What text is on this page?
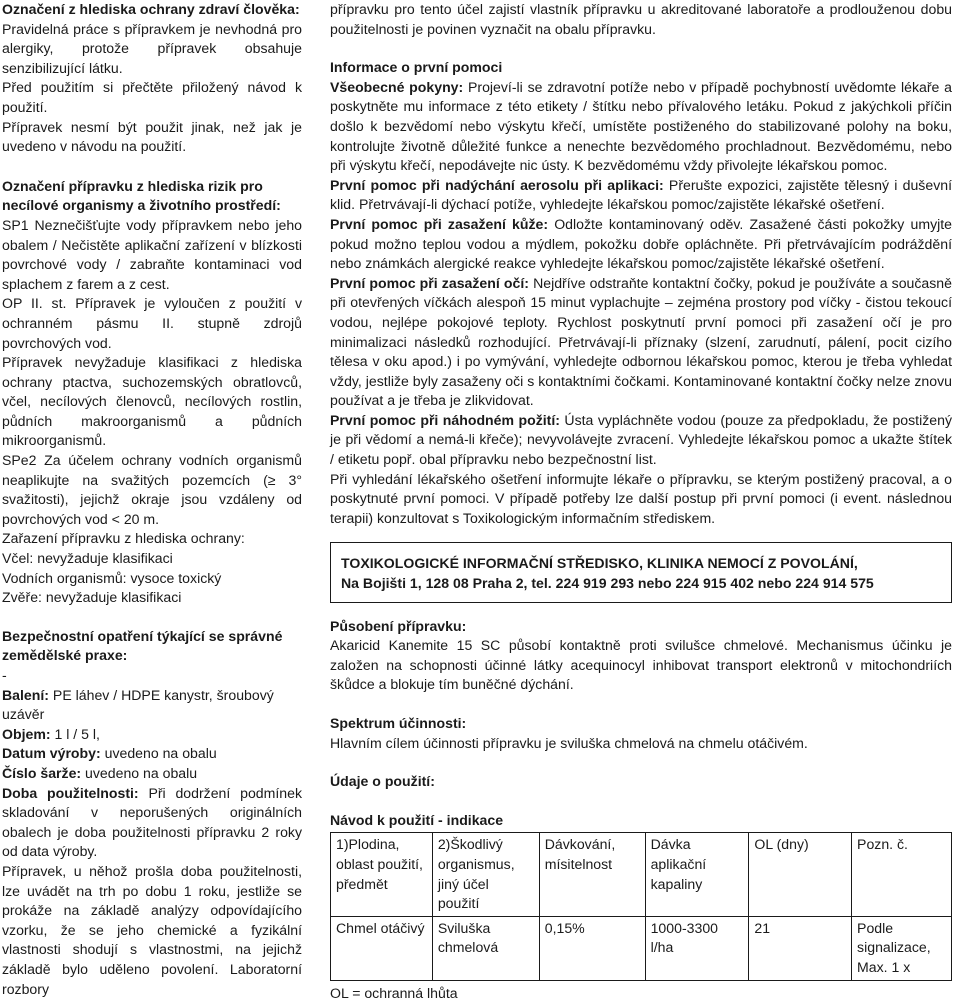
Označení z hlediska ochrany zdraví člověka:

Pravidelná práce s přípravkem je nevhodná pro alergiky, protože přípravek obsahuje senzibilizující látku.

Před použitím si přečtěte přiložený návod k použití.

Přípravek nesmí být použit jinak, než jak je uvedeno v návodu na použití.

Označení přípravku z hlediska rizik pro necílové organismy a životního prostředí:

SP1 Neznečišťujte vody přípravkem nebo jeho obalem / Nečistěte aplikační zařízení v blízkosti povrchové vody / zabraňte kontaminaci vod splachem z farem a z cest.

OP II. st. Přípravek je vyloučen z použití v ochranném pásmu II. stupně zdrojů povrchových vod.

Přípravek nevyžaduje klasifikaci z hlediska ochrany ptactva, suchozemských obratlovců, včel, necílových členovců, necílových rostlin, půdních makroorganismů a půdních mikroorganismů.

SPe2 Za účelem ochrany vodních organismů neaplikujte na svažitých pozemcích (≥ 3° svažitosti), jejichž okraje jsou vzdáleny od povrchových vod < 20 m.

Zařazení přípravku z hlediska ochrany:

Včel: nevyžaduje klasifikaci

Vodních organismů: vysoce toxický

Zvěře: nevyžaduje klasifikaci

Bezpečnostní opatření týkající se správné zemědělské praxe:

-

Balení: PE láhev / HDPE kanystr, šroubový uzávěr

Objem: 1 l / 5 l,

Datum výroby: uvedeno na obalu

Číslo šarže: uvedeno na obalu

Doba použitelnosti: Při dodržení podmínek skladování v neporušených originálních obalech je doba použitelnosti přípravku 2 roky od data výroby.

Přípravek, u něhož prošla doba použitelnosti, lze uvádět na trh po dobu 1 roku, jestliže se prokáže na základě analýzy odpovídajícího vzorku, že se jeho chemické a fyzikální vlastnosti shodují s vlastnostmi, na jejichž základě bylo uděleno povolení. Laboratorní rozbory

přípravku pro tento účel zajistí vlastník přípravku u akreditované laboratoře a prodlouženou dobu použitelnosti je povinen vyznačit na obalu přípravku.

Informace o první pomoci

Všeobecné pokyny: Projeví-li se zdravotní potíže nebo v případě pochybností uvědomte lékaře a poskytněte mu informace z této etikety / štítku nebo přívalového letáku. Pokud z jakýchkoli příčin došlo k bezvědomí nebo výskytu křečí, umístěte postiženého do stabilizované polohy na boku, kontrolujte životně důležité funkce a nenechte bezvědomého prochladnout. Bezvědomému, nebo při výskytu křečí, nepodávejte nic ústy. K bezvědomému vždy přivolejte lékařskou pomoc.

První pomoc při nadýchání aerosolu při aplikaci: Přerušte expozici, zajistěte tělesný i duševní klid. Přetrvávají-li dýchací potíže, vyhledejte lékařskou pomoc/zajistěte lékařské ošetření.

První pomoc při zasažení kůže: Odložte kontaminovaný oděv. Zasažené části pokožky umyjte pokud možno teplou vodou a mýdlem, pokožku dobře opláchněte. Při přetrvávajícím podráždění nebo známkách alergické reakce vyhledejte lékařskou pomoc/zajistěte lékařské ošetření.

První pomoc při zasažení očí: Nejdříve odstraňte kontaktní čočky, pokud je používáte a současně při otevřených víčkách alespoň 15 minut vyplachujte – zejména prostory pod víčky - čistou tekoucí vodou, nejlépe pokojové teploty. Rychlost poskytnutí první pomoci při zasažení očí je pro minimalizaci následků rozhodující. Přetrvávají-li příznaky (slzení, zarudnutí, pálení, pocit cizího tělesa v oku apod.) i po vymývání, vyhledejte odbornou lékařskou pomoc, kterou je třeba vyhledat vždy, jestliže byly zasaženy oči s kontaktními čočkami. Kontaminované kontaktní čočky nelze znovu používat a je třeba je zlikvidovat.

První pomoc při náhodném požití: Ústa vypláchněte vodou (pouze za předpokladu, že postižený je při vědomí a nemá-li křeče); nevyvolávejte zvracení. Vyhledejte lékařskou pomoc a ukažte štítek / etiketu popř. obal přípravku nebo bezpečnostní list.

Při vyhledání lékařského ošetření informujte lékaře o přípravku, se kterým postižený pracoval, a o poskytnuté první pomoci. V případě potřeby lze další postup při první pomoci (i event. následnou terapii) konzultovat s Toxikologickým informačním střediskem.

TOXIKOLOGICKÉ INFORMAČNÍ STŘEDISKO, KLINIKA NEMOCÍ Z POVOLÁNÍ,

Na Bojišti 1, 128 08 Praha 2, tel. 224 919 293 nebo 224 915 402 nebo 224 914 575

Působení přípravku:

Akaricid Kanemite 15 SC působí kontaktně proti svilušce chmelové. Mechanismus účinku je založen na schopnosti účinné látky acequinocyl inhibovat transport elektronů v mitochondriích škůdce a blokuje tím buněčné dýchání.

Spektrum účinnosti:

Hlavním cílem účinnosti přípravku je sviluška chmelová na chmelu otáčivém.

Údaje o použití:

Návod k použití - indikace

1)Plodina, oblast použití, předmět	2)Škodlivý organismus, jiný účel použití	Dávkování, mísitelnost	Dávka aplikační kapaliny	OL (dny)	Pozn. č.
Chmel otáčivý	Sviluška chmelová	0,15%	1000-3300 l/ha	21	Podle signalizace, Max. 1 x

OL = ochranná lhůta
